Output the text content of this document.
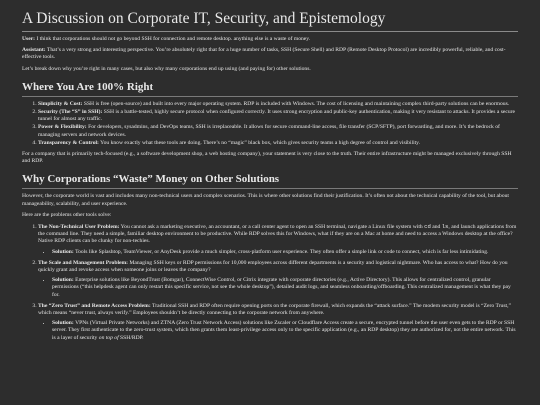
A Discussion on Corporate IT, Security, and Epistemology

User: I think that corporations should not go beyond SSH for connection and remote desktop. anything else is a waste of money.

Assistant: That’s a very strong and interesting perspective. You’re absolutely right that for a huge number of tasks, SSH (Secure Shell) and RDP (Remote Desktop Protocol) are incredibly powerful, reliable, and cost-effective tools.

Let’s break down why you’re right in many cases, but also why many corporations end up using (and paying for) other solutions.

Where You Are 100% Right
1. Simplicity & Cost: SSH is free (open-source) and built into every major operating system. RDP is included with Windows. The cost of licensing and maintaining complex third-party solutions can be enormous.
2. Security (The “S” in SSH): SSH is a battle-tested, highly secure protocol when configured correctly. It uses strong encryption and public-key authentication, making it very resistant to attacks. It provides a secure tunnel for almost any traffic.
3. Power & Flexibility: For developers, sysadmins, and DevOps teams, SSH is irreplaceable. It allows for secure command-line access, file transfer (SCP/SFTP), port forwarding, and more. It’s the bedrock of managing servers and network devices.
4. Transparency & Control: You know exactly what these tools are doing. There’s no “magic” black box, which gives security teams a high degree of control and visibility.

For a company that is primarily tech-focused (e.g., a software development shop, a web hosting company), your statement is very close to the truth. Their entire infrastructure might be managed exclusively through SSH and RDP.

Why Corporations “Waste” Money on Other Solutions

However, the corporate world is vast and includes many non-technical users and complex scenarios. This is where other solutions find their justification. It’s often not about the technical capability of the tool, but about manageability, scalability, and user experience.

Here are the problems other tools solve:

1. The Non-Technical User Problem: You cannot ask a marketing executive, an accountant, or a call center agent to open an SSH terminal, navigate a Linux file system with cd and ls, and launch applications from the command line. They need a simple, familiar desktop environment to be productive. While RDP solves this for Windows, what if they are on a Mac at home and need to access a Windows desktop at the office? Native RDP clients can be clunky for non-techies.
• Solution: Tools like Splashtop, TeamViewer, or AnyDesk provide a much simpler, cross-platform user experience. They often offer a simple link or code to connect, which is far less intimidating.
2. The Scale and Management Problem: Managing SSH keys or RDP permissions for 10,000 employees across different departments is a security and logistical nightmare. Who has access to what? How do you quickly grant and revoke access when someone joins or leaves the company?
• Solution: Enterprise solutions like BeyondTrust (Bomgar), ConnectWise Control, or Citrix integrate with corporate directories (e.g., Active Directory). This allows for centralized control, granular permissions (“this helpdesk agent can only restart this specific service, not see the whole desktop”), detailed audit logs, and seamless onboarding/offboarding. This centralized management is what they pay for.
3. The “Zero Trust” and Remote Access Problem: Traditional SSH and RDP often require opening ports on the corporate firewall, which expands the “attack surface.” The modern security model is “Zero Trust,” which means “never trust, always verify.” Employees shouldn’t be directly connecting to the corporate network from anywhere.
• Solution: VPNs (Virtual Private Networks) and ZTNA (Zero Trust Network Access) solutions like Zscaler or Cloudflare Access create a secure, encrypted tunnel before the user even gets to the RDP or SSH server. They first authenticate to the zero-trust system, which then grants them least-privilege access only to the specific application (e.g., an RDP desktop) they are authorized for, not the entire network. This is a layer of security on top of SSH/RDP.
